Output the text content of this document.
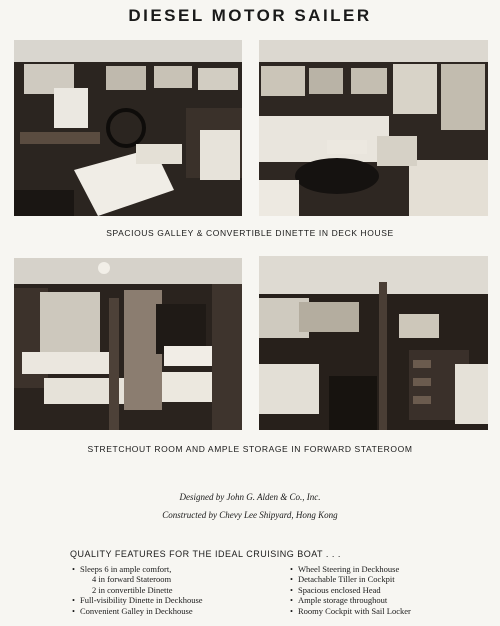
DIESEL MOTOR SAILER
SPACIOUS GALLEY & CONVERTIBLE DINETTE IN DECK HOUSE
STRETCHOUT ROOM AND AMPLE STORAGE IN FORWARD STATEROOM
Designed by John G. Alden & Co., Inc.
Constructed by Chevy Lee Shipyard, Hong Kong
QUALITY FEATURES FOR THE IDEAL CRUISING BOAT . . .
• Sleeps 6 in ample comfort,
4 in forward Stateroom
2 in convertible Dinette
• Full-visibility Dinette in Deckhouse
• Convenient Galley in Deckhouse
• Wheel Steering in Deckhouse
• Detachable Tiller in Cockpit
• Spacious enclosed Head
• Ample storage throughout
• Roomy Cockpit with Sail Locker
